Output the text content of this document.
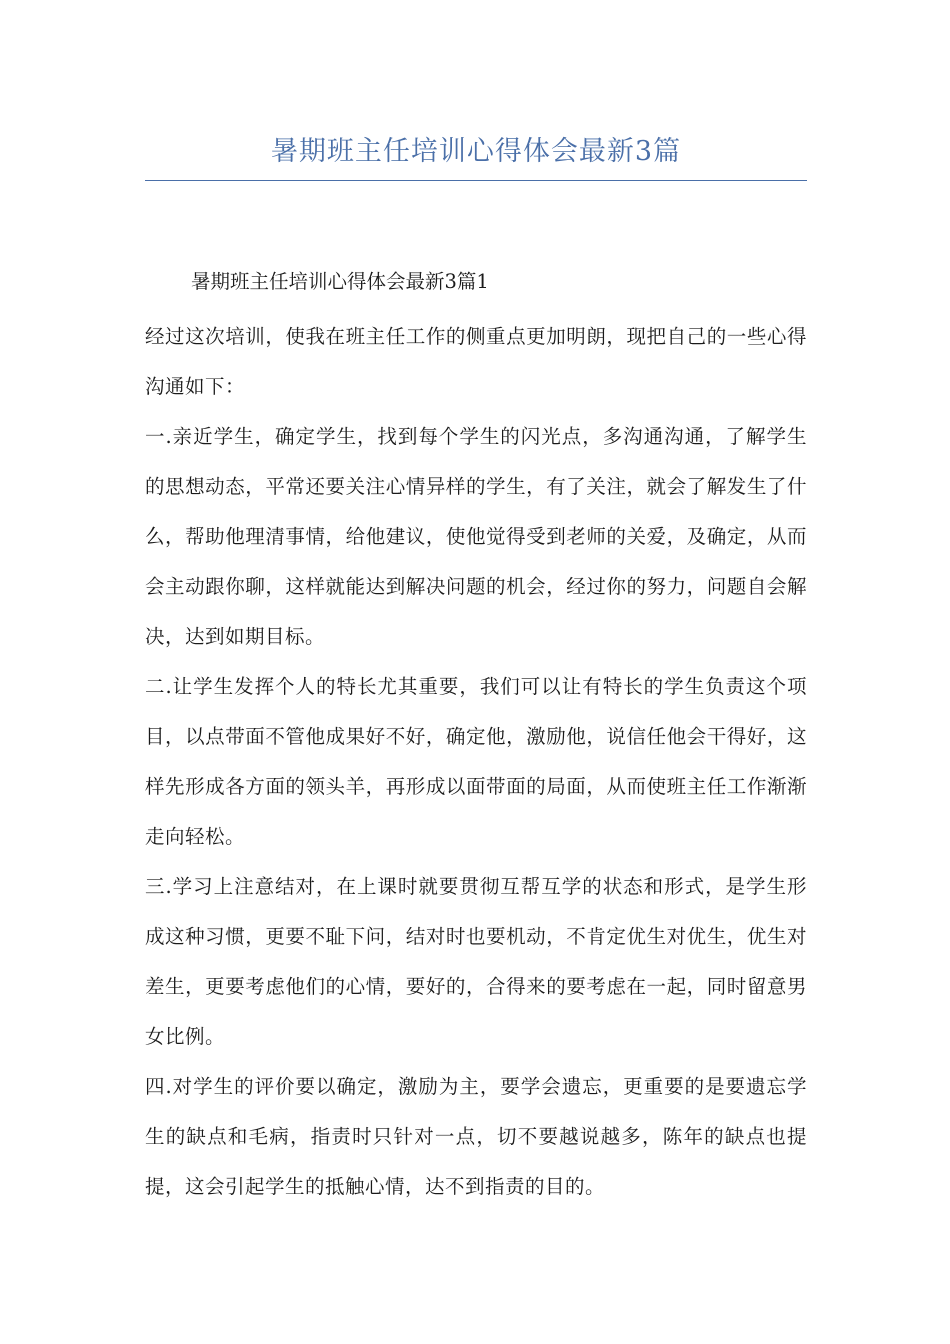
暑期班主任培训心得体会最新3篇
暑期班主任培训心得体会最新3篇1

经过这次培训，使我在班主任工作的侧重点更加明朗，现把自己的一些心得沟通如下：

一.亲近学生，确定学生，找到每个学生的闪光点，多沟通沟通，了解学生的思想动态，平常还要关注心情异样的学生，有了关注，就会了解发生了什么，帮助他理清事情，给他建议，使他觉得受到老师的关爱，及确定，从而会主动跟你聊，这样就能达到解决问题的机会，经过你的努力，问题自会解决，达到如期目标。

二.让学生发挥个人的特长尤其重要，我们可以让有特长的学生负责这个项目，以点带面不管他成果好不好，确定他，激励他，说信任他会干得好，这样先形成各方面的领头羊，再形成以面带面的局面，从而使班主任工作渐渐走向轻松。

三.学习上注意结对，在上课时就要贯彻互帮互学的状态和形式，是学生形成这种习惯，更要不耻下问，结对时也要机动，不肯定优生对优生，优生对差生，更要考虑他们的心情，要好的，合得来的要考虑在一起，同时留意男女比例。

四.对学生的评价要以确定，激励为主，要学会遗忘，更重要的是要遗忘学生的缺点和毛病，指责时只针对一点，切不要越说越多，陈年的缺点也提提，这会引起学生的抵触心情，达不到指责的目的。
